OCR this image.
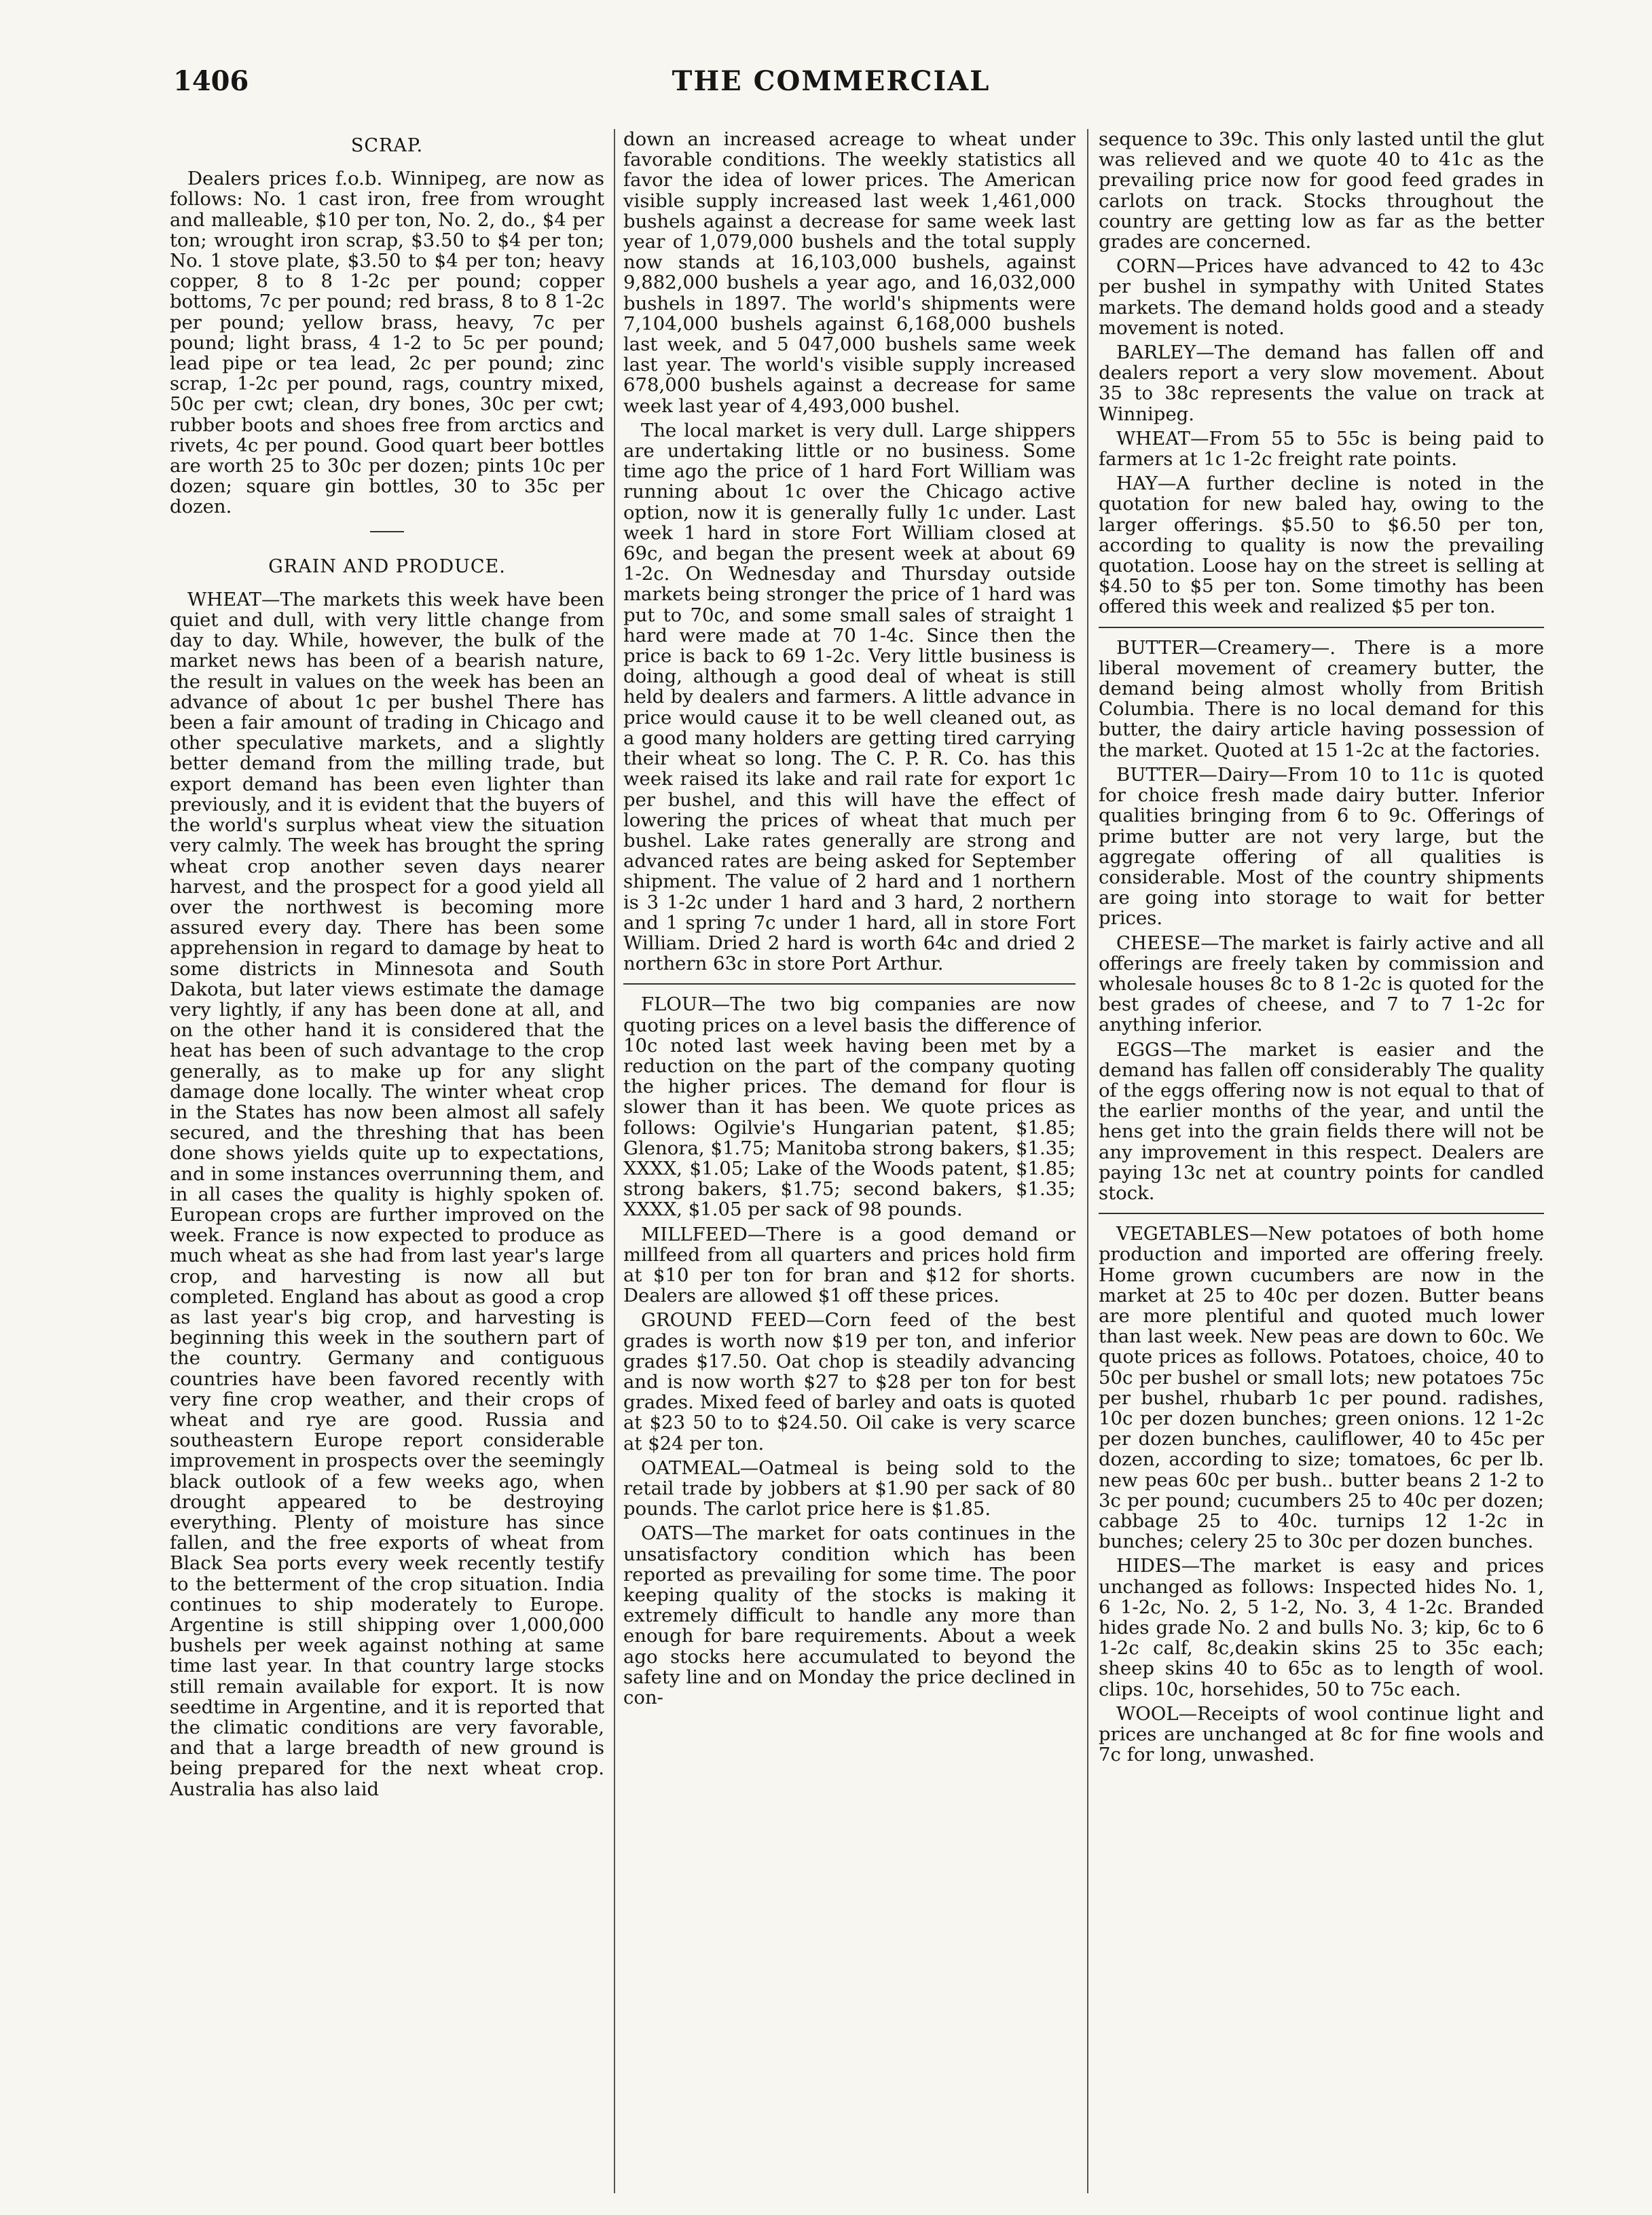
1406	THE COMMERCIAL
SCRAP.

Dealers prices f.o.b. Winnipeg, are now as follows: No. 1 cast iron, free from wrought and malleable, $10 per ton, No. 2, do., $4 per ton; wrought iron scrap, $3.50 to $4 per ton; No. 1 stove plate, $3.50 to $4 per ton; heavy copper, 8 to 8 1-2c per pound; copper bottoms, 7c per pound; red brass, 8 to 8 1-2c per pound; yellow brass, heavy, 7c per pound; light brass, 4 1-2 to 5c per pound; lead pipe or tea lead, 2c per pound; zinc scrap, 1-2c per pound, rags, country mixed, 50c per cwt; clean, dry bones, 30c per cwt; rubber boots and shoes free from arctics and rivets, 4c per pound. Good quart beer bottles are worth 25 to 30c per dozen; pints 10c per dozen; square gin bottles, 30 to 35c per dozen.

GRAIN AND PRODUCE.

WHEAT—The markets this week have been quiet and dull, with very little change from day to day. While, however, the bulk of the market news has been of a bearish nature, the result in values on the week has been an advance of about 1c per bushel There has been a fair amount of trading in Chicago and other speculative markets, and a slightly better demand from the milling trade, but export demand has been even lighter than previously, and it is evident that the buyers of the world's surplus wheat view the situation very calmly. The week has brought the spring wheat crop another seven days nearer harvest, and the prospect for a good yield all over the northwest is becoming more assured every day. There has been some apprehension in regard to damage by heat to some districts in Minnesota and South Dakota, but later views estimate the damage very lightly, if any has been done at all, and on the other hand it is considered that the heat has been of such advantage to the crop generally, as to make up for any slight damage done locally. The winter wheat crop in the States has now been almost all safely secured, and the threshing that has been done shows yields quite up to expectations, and in some instances overrunning them, and in all cases the quality is highly spoken of. European crops are further improved on the week. France is now expected to produce as much wheat as she had from last year's large crop, and harvesting is now all but completed. England has about as good a crop as last year's big crop, and harvesting is beginning this week in the southern part of the country. Germany and contiguous countries have been favored recently with very fine crop weather, and their crops of wheat and rye are good. Russia and southeastern Europe report considerable improvement in prospects over the seemingly black outlook of a few weeks ago, when drought appeared to be destroying everything. Plenty of moisture has since fallen, and the free exports of wheat from Black Sea ports every week recently testify to the betterment of the crop situation. India continues to ship moderately to Europe. Argentine is still shipping over 1,000,000 bushels per week against nothing at same time last year. In that country large stocks still remain available for export. It is now seedtime in Argentine, and it is reported that the climatic conditions are very favorable, and that a large breadth of new ground is being prepared for the next wheat crop. Australia has also laid

down an increased acreage to wheat under favorable conditions. The weekly statistics all favor the idea of lower prices. The American visible supply increased last week 1,461,000 bushels against a decrease for same week last year of 1,079,000 bushels and the total supply now stands at 16,103,000 bushels, against 9,882,000 bushels a year ago, and 16,032,000 bushels in 1897. The world's shipments were 7,104,000 bushels against 6,168,000 bushels last week, and 5 047,000 bushels same week last year. The world's visible supply increased 678,000 bushels against a decrease for same week last year of 4,493,000 bushel.

The local market is very dull. Large shippers are undertaking little or no business. Some time ago the price of 1 hard Fort William was running about 1c over the Chicago active option, now it is generally fully 1c under. Last week 1 hard in store Fort William closed at 69c, and began the present week at about 69 1-2c. On Wednesday and Thursday outside markets being stronger the price of 1 hard was put to 70c, and some small sales of straight 1 hard were made at 70 1-4c. Since then the price is back to 69 1-2c. Very little business is doing, although a good deal of wheat is still held by dealers and farmers. A little advance in price would cause it to be well cleaned out, as a good many holders are getting tired carrying their wheat so long. The C. P. R. Co. has this week raised its lake and rail rate for export 1c per bushel, and this will have the effect of lowering the prices of wheat that much per bushel. Lake rates generally are strong and advanced rates are being asked for September shipment. The value of 2 hard and 1 northern is 3 1-2c under 1 hard and 3 hard, 2 northern and 1 spring 7c under 1 hard, all in store Fort William. Dried 2 hard is worth 64c and dried 2 northern 63c in store Port Arthur.

FLOUR—The two big companies are now quoting prices on a level basis the difference of 10c noted last week having been met by a reduction on the part of the company quoting the higher prices. The demand for flour is slower than it has been. We quote prices as follows: Ogilvie's Hungarian patent, $1.85; Glenora, $1.75; Manitoba strong bakers, $1.35; XXXX, $1.05; Lake of the Woods patent, $1.85; strong bakers, $1.75; second bakers, $1.35; XXXX, $1.05 per sack of 98 pounds.

MILLFEED—There is a good demand or millfeed from all quarters and prices hold firm at $10 per ton for bran and $12 for shorts. Dealers are allowed $1 off these prices.

GROUND FEED—Corn feed of the best grades is worth now $19 per ton, and inferior grades $17.50. Oat chop is steadily advancing and is now worth $27 to $28 per ton for best grades. Mixed feed of barley and oats is quoted at $23 50 to to $24.50. Oil cake is very scarce at $24 per ton.

OATMEAL—Oatmeal is being sold to the retail trade by jobbers at $1.90 per sack of 80 pounds. The carlot price here is $1.85.

OATS—The market for oats continues in the unsatisfactory condition which has been reported as prevailing for some time. The poor keeping quality of the stocks is making it extremely difficult to handle any more than enough for bare requirements. About a week ago stocks here accumulated to beyond the safety line and on Monday the price declined in con-

sequence to 39c. This only lasted until the glut was relieved and we quote 40 to 41c as the prevailing price now for good feed grades in carlots on track. Stocks throughout the country are getting low as far as the better grades are concerned.

CORN—Prices have advanced to 42 to 43c per bushel in sympathy with United States markets. The demand holds good and a steady movement is noted.

BARLEY—The demand has fallen off and dealers report a very slow movement. About 35 to 38c represents the value on track at Winnipeg.

WHEAT—From 55 to 55c is being paid to farmers at 1c 1-2c freight rate points.

HAY—A further decline is noted in the quotation for new baled hay, owing to the larger offerings. $5.50 to $6.50 per ton, according to quality is now the prevailing quotation. Loose hay on the street is selling at $4.50 to $5 per ton. Some timothy has been offered this week and realized $5 per ton.

BUTTER—Creamery—. There is a more liberal movement of creamery butter, the demand being almost wholly from British Columbia. There is no local demand for this butter, the dairy article having possession of the market. Quoted at 15 1-2c at the factories.

BUTTER—Dairy—From 10 to 11c is quoted for choice fresh made dairy butter. Inferior qualities bringing from 6 to 9c. Offerings of prime butter are not very large, but the aggregate offering of all qualities is considerable. Most of the country shipments are going into storage to wait for better prices.

CHEESE—The market is fairly active and all offerings are freely taken by commission and wholesale houses 8c to 8 1-2c is quoted for the best grades of cheese, and 7 to 7 1-2c for anything inferior.

EGGS—The market is easier and the demand has fallen off considerably The quality of the eggs offering now is not equal to that of the earlier months of the year, and until the hens get into the grain fields there will not be any improvement in this respect. Dealers are paying 13c net at country points for candled stock.

VEGETABLES—New potatoes of both home production and imported are offering freely. Home grown cucumbers are now in the market at 25 to 40c per dozen. Butter beans are more plentiful and quoted much lower than last week. New peas are down to 60c. We quote prices as follows. Potatoes, choice, 40 to 50c per bushel or small lots; new potatoes 75c per bushel, rhubarb 1c per pound. radishes, 10c per dozen bunches; green onions. 12 1-2c per dozen bunches, cauliflower, 40 to 45c per dozen, according to size; tomatoes, 6c per lb. new peas 60c per bush.. butter beans 2 1-2 to 3c per pound; cucumbers 25 to 40c per dozen; cabbage 25 to 40c. turnips 12 1-2c in bunches; celery 25 to 30c per dozen bunches.

HIDES—The market is easy and prices unchanged as follows: Inspected hides No. 1, 6 1-2c, No. 2, 5 1-2, No. 3, 4 1-2c. Branded hides grade No. 2 and bulls No. 3; kip, 6c to 6 1-2c calf, 8c,deakin skins 25 to 35c each; sheep skins 40 to 65c as to length of wool. clips. 10c, horsehides, 50 to 75c each.

WOOL—Receipts of wool continue light and prices are unchanged at 8c for fine wools and 7c for long, unwashed.
